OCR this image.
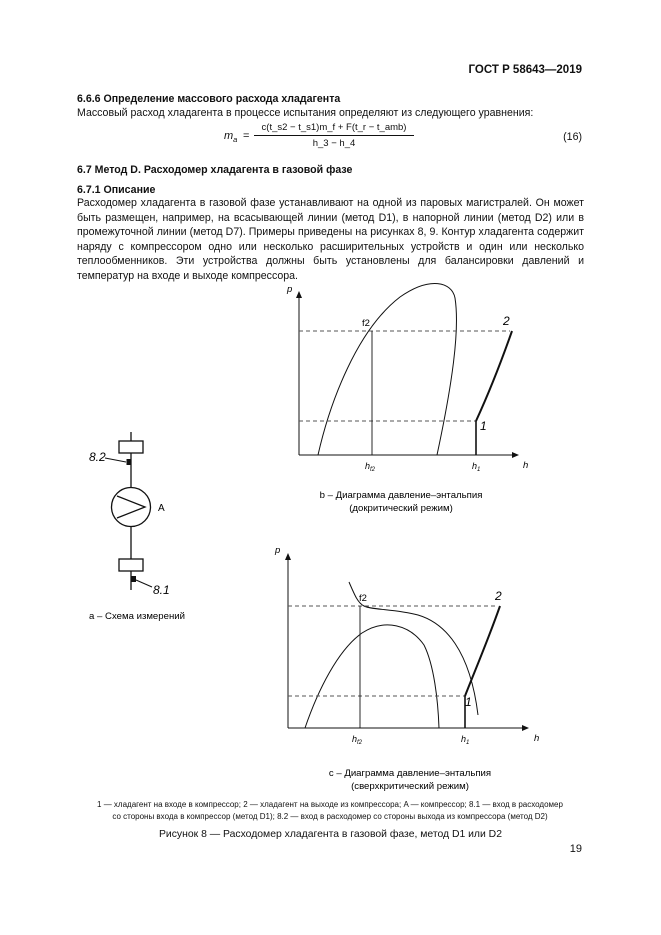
ГОСТ Р 58643—2019
6.6.6 Определение массового расхода хладагента
Массовый расход хладагента в процессе испытания определяют из следующего уравнения:
$m_a$ =
c(t_s2 − t_s1)m_f + F(t_r − t_amb)
h_3 − h_4
(16)
6.7 Метод D. Расходомер хладагента в газовой фазе
6.7.1 Описание
Расходомер хладагента в газовой фазе устанавливают на одной из паровых магистралей. Он может быть размещен, например, на всасывающей линии (метод D1), в напорной линии (метод D2) или в промежуточной линии (метод D7). Примеры приведены на рисунках 8, 9. Контур хладагента содержит наряду с компрессором одно или несколько расширительных устройств и один или несколько теплообменников. Эти устройства должны быть установлены для балансировки давлений и температур на входе и выходе компрессора.
8.2
8.1
A
а – Схема измерений
p
h
f2
1
2
$h_{f2}$	$h_1$
b – Диаграмма давление–энтальпия
(докритический режим)
p
h
f2
1
2
$h_{f2}$	$h_1$
c – Диаграмма давление–энтальпия
(сверхкритический режим)
1 — хладагент на входе в компрессор; 2 — хладагент на выходе из компрессора; A — компрессор; 8.1 — вход в расходомер
со стороны входа в компрессор (метод D1); 8.2 — вход в расходомер со стороны выхода из компрессора (метод D2)
Рисунок 8 — Расходомер хладагента в газовой фазе, метод D1 или D2
19
